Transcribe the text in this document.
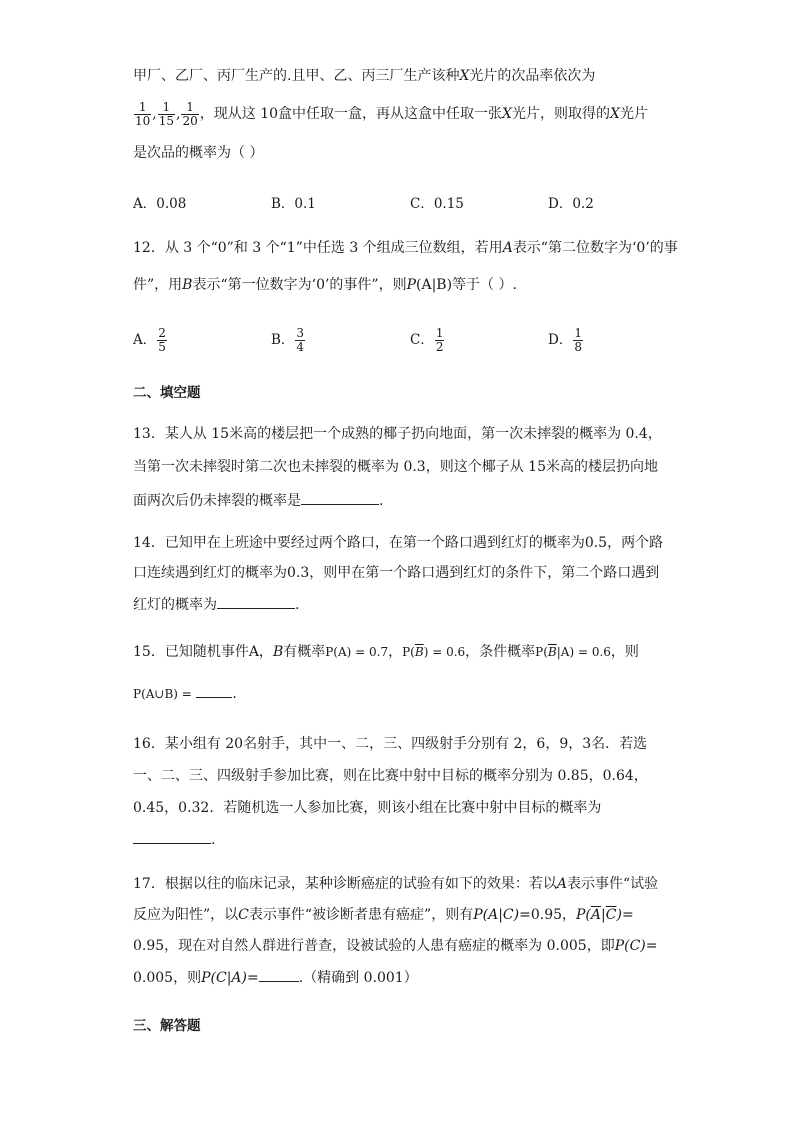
甲厂、乙厂、丙厂生产的.且甲、乙、丙三厂生产该种X光片的次品率依次为
$\frac{1}{10}$ , $\frac{1}{15}$ , $\frac{1}{20}$ ，现从这 10盒中任取一盒，再从这盒中任取一张X光片，则取得的X光片
是次品的概率为（ ）
A．0.08	B．0.1	C．0.15	D．0.2
12．从 3 个“0”和 3 个“1”中任选 3 个组成三位数组，若用A表示“第二位数字为‘0’的事
件”，用B表示“第一位数字为‘0’的事件”，则P(A|B)等于（ ）.
A． $\frac{2}{5}$	B． $\frac{3}{4}$	C． $\frac{1}{2}$	D． $\frac{1}{8}$
二、填空题
13．某人从 15米高的楼层把一个成熟的椰子扔向地面，第一次未摔裂的概率为 0.4，
当第一次未摔裂时第二次也未摔裂的概率为 0.3，则这个椰子从 15米高的楼层扔向地
面两次后仍未摔裂的概率是	.
14．已知甲在上班途中要经过两个路口，在第一个路口遇到红灯的概率为0.5，两个路
口连续遇到红灯的概率为0.3，则甲在第一个路口遇到红灯的条件下，第二个路口遇到
红灯的概率为	.
15．已知随机事件A，B有概率P(A) = 0.7，$P(\overline{B}) = 0.6$，条件概率$P(\overline{B}|A) = 0.6$，则
P(A∪B) =	.
16．某小组有 20名射手，其中一、二，三、四级射手分别有 2，6，9，3名．若选
一、二、三、四级射手参加比赛，则在比赛中射中目标的概率分别为 0.85，0.64，
0.45，0.32．若随机选一人参加比赛，则该小组在比赛中射中目标的概率为
.
17．根据以往的临床记录，某种诊断癌症的试验有如下的效果：若以A表示事件“试验
反应为阳性”，以C表示事件“被诊断者患有癌症”，则有P(A|C)=0.95，$P(\overline{A}|\overline{C})=$
0.95，现在对自然人群进行普查，设被试验的人患有癌症的概率为 0.005，即P(C)=
0.005，则P(C|A)=	.（精确到 0.001）
三、解答题
